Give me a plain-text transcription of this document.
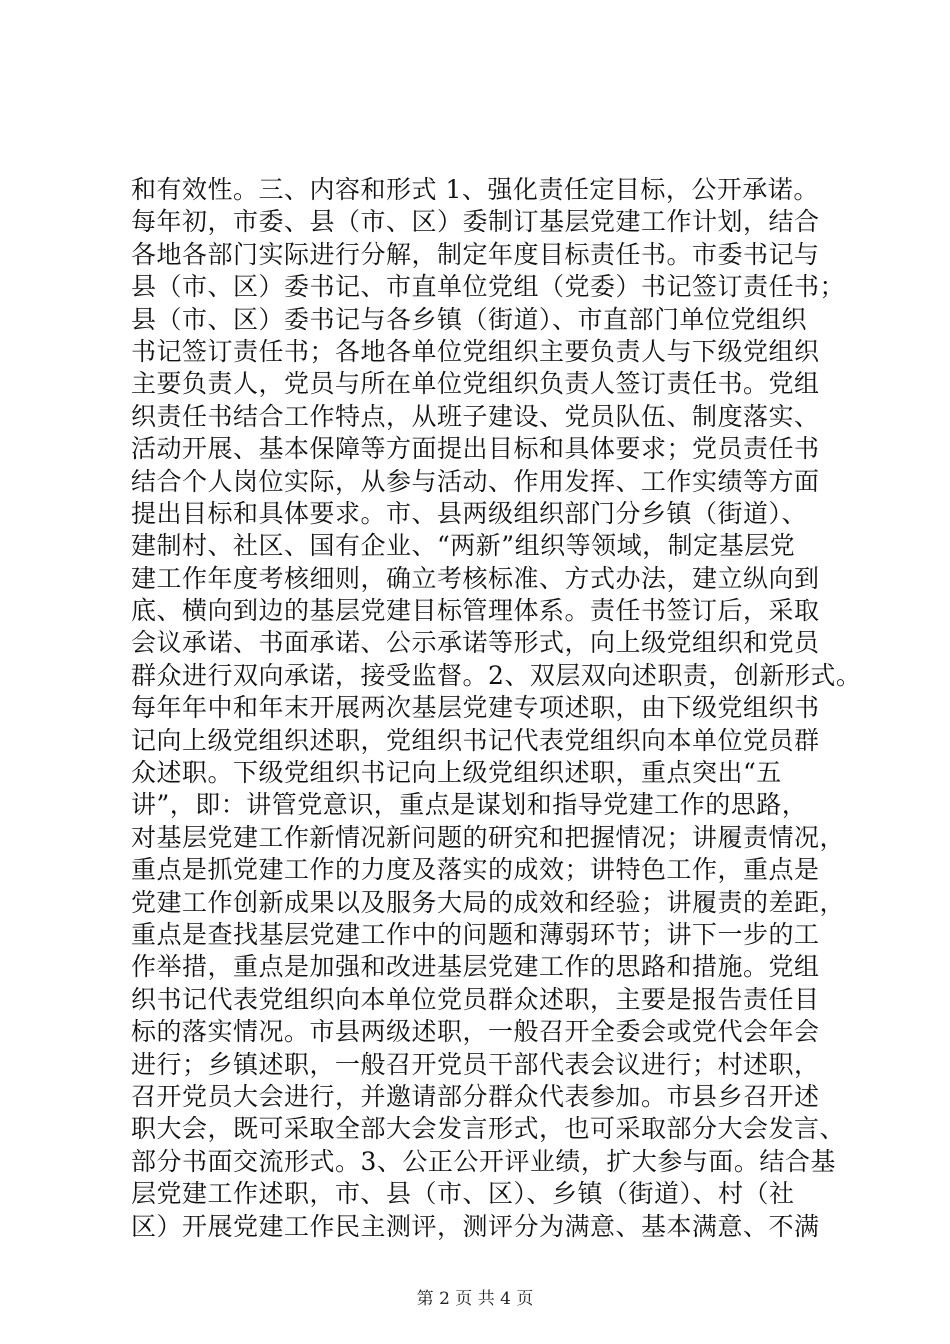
和有效性。三、内容和形式 1、强化责任定目标，公开承诺。
每年初，市委、县（市、区）委制订基层党建工作计划，结合
各地各部门实际进行分解，制定年度目标责任书。市委书记与
县（市、区）委书记、市直单位党组（党委）书记签订责任书；
县（市、区）委书记与各乡镇（街道）、市直部门单位党组织
书记签订责任书；各地各单位党组织主要负责人与下级党组织
主要负责人，党员与所在单位党组织负责人签订责任书。党组
织责任书结合工作特点，从班子建设、党员队伍、制度落实、
活动开展、基本保障等方面提出目标和具体要求；党员责任书
结合个人岗位实际，从参与活动、作用发挥、工作实绩等方面
提出目标和具体要求。市、县两级组织部门分乡镇（街道）、
建制村、社区、国有企业、“两新”组织等领域，制定基层党
建工作年度考核细则，确立考核标准、方式办法，建立纵向到
底、横向到边的基层党建目标管理体系。责任书签订后，采取
会议承诺、书面承诺、公示承诺等形式，向上级党组织和党员
群众进行双向承诺，接受监督。2、双层双向述职责，创新形式。
每年年中和年末开展两次基层党建专项述职，由下级党组织书
记向上级党组织述职，党组织书记代表党组织向本单位党员群
众述职。下级党组织书记向上级党组织述职，重点突出“五
讲”，即：讲管党意识，重点是谋划和指导党建工作的思路，
对基层党建工作新情况新问题的研究和把握情况；讲履责情况，
重点是抓党建工作的力度及落实的成效；讲特色工作，重点是
党建工作创新成果以及服务大局的成效和经验；讲履责的差距，
重点是查找基层党建工作中的问题和薄弱环节；讲下一步的工
作举措，重点是加强和改进基层党建工作的思路和措施。党组
织书记代表党组织向本单位党员群众述职，主要是报告责任目
标的落实情况。市县两级述职，一般召开全委会或党代会年会
进行；乡镇述职，一般召开党员干部代表会议进行；村述职，
召开党员大会进行，并邀请部分群众代表参加。市县乡召开述
职大会，既可采取全部大会发言形式，也可采取部分大会发言、
部分书面交流形式。3、公正公开评业绩，扩大参与面。结合基
层党建工作述职，市、县（市、区）、乡镇（街道）、村（社
区）开展党建工作民主测评，测评分为满意、基本满意、不满
第 2 页 共 4 页
